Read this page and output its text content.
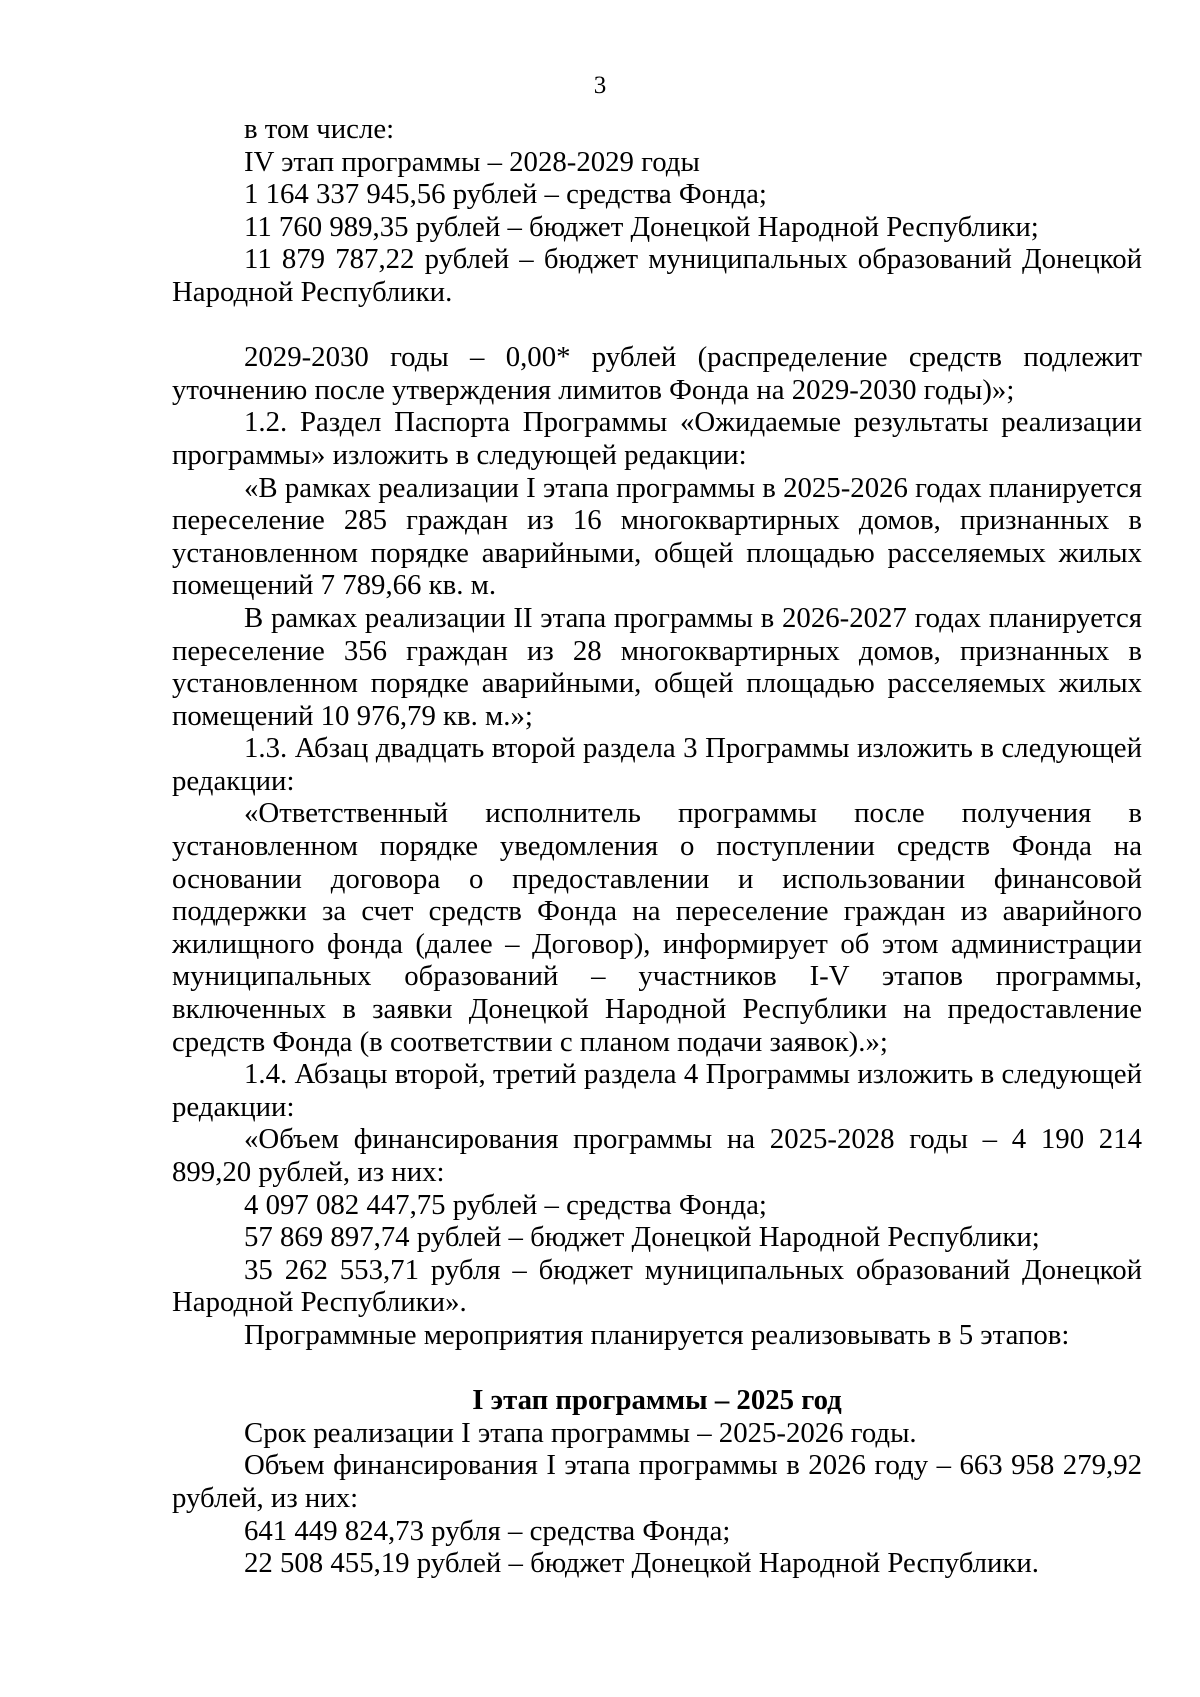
3

в том числе:

IV этап программы – 2028-2029 годы

1 164 337 945,56 рублей – средства Фонда;

11 760 989,35 рублей – бюджет Донецкой Народной Республики;

11 879 787,22 рублей – бюджет муниципальных образований Донецкой Народной Республики.

2029-2030 годы – 0,00* рублей (распределение средств подлежит уточнению после утверждения лимитов Фонда на 2029-2030 годы)»;

1.2. Раздел Паспорта Программы «Ожидаемые результаты реализации программы» изложить в следующей редакции:

«В рамках реализации I этапа программы в 2025-2026 годах планируется переселение 285 граждан из 16 многоквартирных домов, признанных в установленном порядке аварийными, общей площадью расселяемых жилых помещений 7 789,66 кв. м.

В рамках реализации II этапа программы в 2026-2027 годах планируется переселение 356 граждан из 28 многоквартирных домов, признанных в установленном порядке аварийными, общей площадью расселяемых жилых помещений 10 976,79 кв. м.»;

1.3. Абзац двадцать второй раздела 3 Программы изложить в следующей редакции:

«Ответственный исполнитель программы после получения в установленном порядке уведомления о поступлении средств Фонда на основании договора о предоставлении и использовании финансовой поддержки за счет средств Фонда на переселение граждан из аварийного жилищного фонда (далее – Договор), информирует об этом администрации муниципальных образований – участников I-V этапов программы, включенных в заявки Донецкой Народной Республики на предоставление средств Фонда (в соответствии с планом подачи заявок).»;

1.4. Абзацы второй, третий раздела 4 Программы изложить в следующей редакции:

«Объем финансирования программы на 2025-2028 годы – 4 190 214 899,20 рублей, из них:

4 097 082 447,75 рублей – средства Фонда;

57 869 897,74 рублей – бюджет Донецкой Народной Республики;

35 262 553,71 рубля – бюджет муниципальных образований Донецкой Народной Республики».

Программные мероприятия планируется реализовывать в 5 этапов:

I этап программы – 2025 год

Срок реализации I этапа программы – 2025-2026 годы.

Объем финансирования I этапа программы в 2026 году – 663 958 279,92 рублей, из них:

641 449 824,73 рубля – средства Фонда;

22 508 455,19 рублей – бюджет Донецкой Народной Республики.
